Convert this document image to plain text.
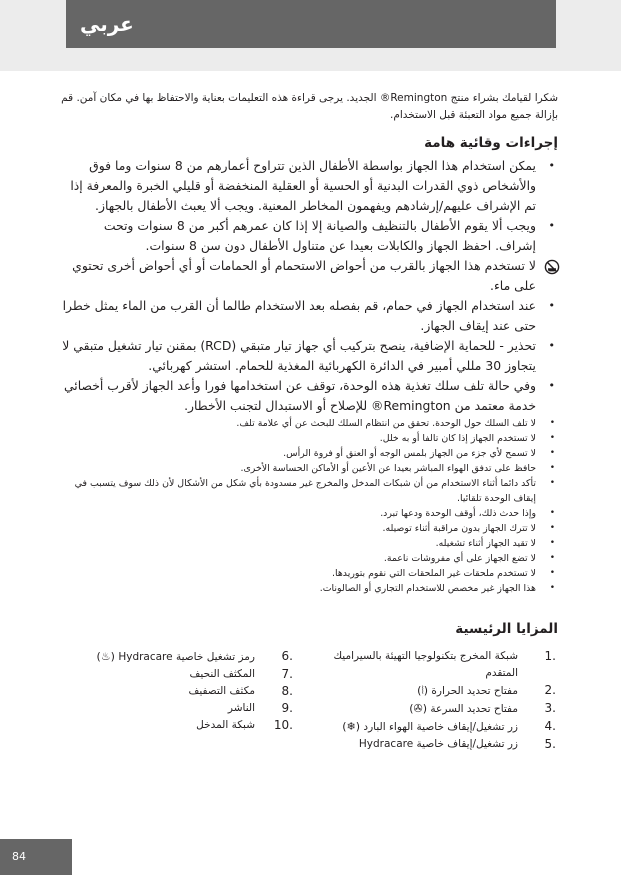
عربي

شكرا لقيامك بشراء منتج Remington® الجديد. يرجى قراءة هذه التعليمات بعناية والاحتفاظ بها في مكان آمن. قم بإزالة جميع مواد التعبئة قبل الاستخدام.

إجراءات وقائية هامة
•
يمكن استخدام هذا الجهاز بواسطة الأطفال الذين تتراوح أعمارهم من 8 سنوات وما فوق والأشخاص ذوي القدرات البدنية أو الحسية أو العقلية المنخفضة أو قليلي الخبرة والمعرفة إذا تم الإشراف عليهم/إرشادهم ويفهمون المخاطر المعنية. ويجب ألا يعبث الأطفال بالجهاز.
•
ويجب ألا يقوم الأطفال بالتنظيف والصيانة إلا إذا كان عمرهم أكبر من 8 سنوات وتحت إشراف. احفظ الجهاز والكابلات بعيدا عن متناول الأطفال دون سن 8 سنوات.
لا تستخدم هذا الجهاز بالقرب من أحواض الاستحمام أو الحمامات أو أي أحواض أخرى تحتوي على ماء.
•
عند استخدام الجهاز في حمام، قم بفصله بعد الاستخدام طالما أن القرب من الماء يمثل خطرا حتى عند إيقاف الجهاز.
•
تحذير - للحماية الإضافية، ينصح بتركيب أي جهاز تيار متبقي (RCD) بمقنن تيار تشغيل متبقي لا يتجاوز 30 مللي أمبير في الدائرة الكهربائية المغذية للحمام. استشر كهربائي.
•
وفي حالة تلف سلك تغذية هذه الوحدة، توقف عن استخدامها فورا وأعد الجهاز لأقرب أخصائي خدمة معتمد من Remington® للإصلاح أو الاستبدال لتجنب الأخطار.
•
لا تلف السلك حول الوحدة. تحقق من انتظام السلك للبحث عن أي علامة تلف.
•
لا تستخدم الجهاز إذا كان تالفا أو به خلل.
•
لا تسمح لأي جزء من الجهاز بلمس الوجه أو العنق أو فروة الرأس.
•
حافظ على تدفق الهواء المباشر بعيدا عن الأعين أو الأماكن الحساسة الأخرى.
•
تأكد دائما أثناء الاستخدام من أن شبكات المدخل والمخرج غير مسدودة بأي شكل من الأشكال لأن ذلك سوف يتسبب في إيقاف الوحدة تلقائيا.
•
وإذا حدث ذلك، أوقف الوحدة ودعها تبرد.
•
لا تترك الجهاز بدون مراقبة أثناء توصيله.
•
لا تقيد الجهاز أثناء تشغيله.
•
لا تضع الجهاز على أي مفروشات ناعمة.
•
لا تستخدم ملحقات غير الملحقات التي نقوم بتوريدها.
•
هذا الجهاز غير مخصص للاستخدام التجاري أو الصالونات.
المزايا الرئيسية
1.
شبكة المخرج بتكنولوجيا التهيئة بالسيراميك المتقدم
2.
مفتاح تحديد الحرارة (⦚)
3.
مفتاح تحديد السرعة (✇)
4.
زر تشغيل/إيقاف خاصية الهواء البارد (❄)
5.
زر تشغيل/إيقاف خاصية Hydracare
6.
رمز تشغيل خاصية Hydracare (♨)
7.
المكثف النحيف
8.
مكثف التصفيف
9.
الناشر
10.
شبكة المدخل
84
